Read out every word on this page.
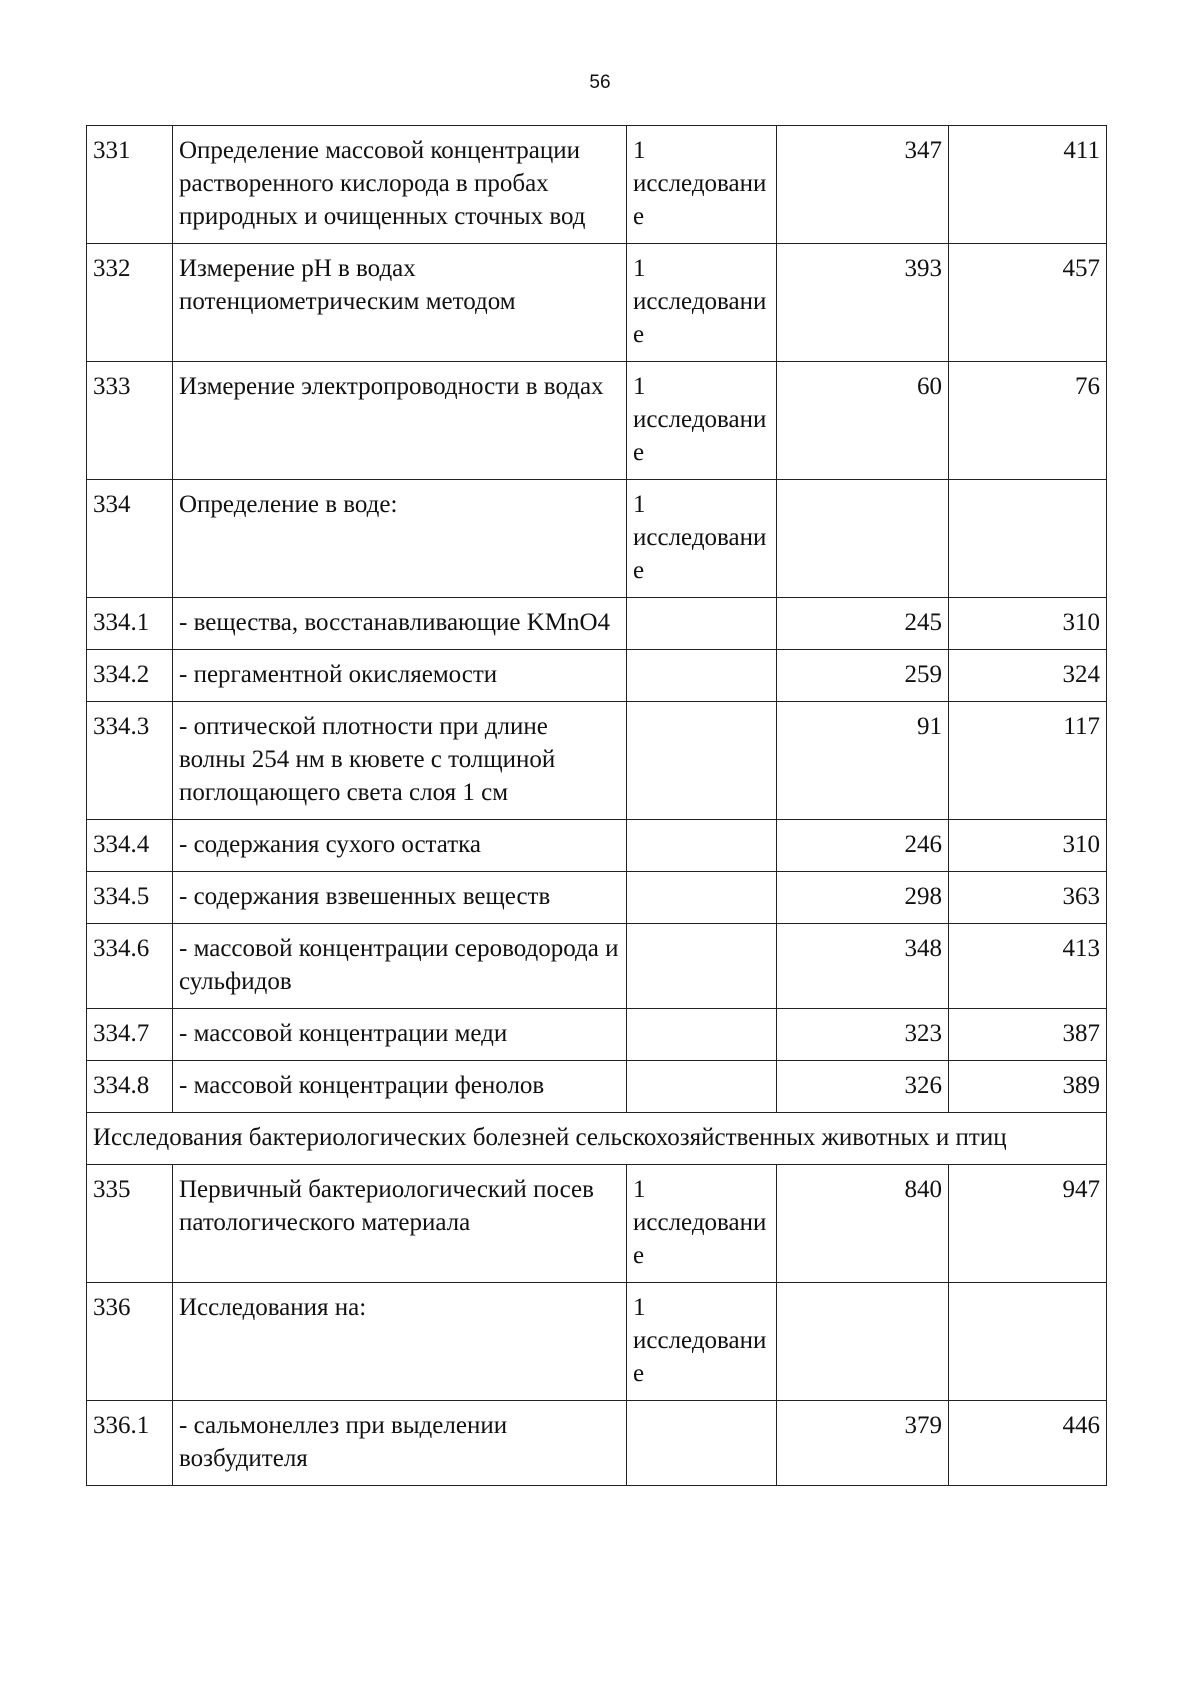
56
331	Определение массовой концентрации растворенного кислорода в пробах природных и очищенных сточных вод	1 исследование	347	411
332	Измерение pH в водах потенциометрическим методом	1 исследование	393	457
333	Измерение электропроводности в водах	1 исследование	60	76
334	Определение в воде:	1 исследование		
334.1	- вещества, восстанавливающие KMnO4		245	310
334.2	- пергаментной окисляемости		259	324
334.3	- оптической плотности при длине волны 254 нм в кювете с толщиной поглощающего света слоя 1 см		91	117
334.4	- содержания сухого остатка		246	310
334.5	- содержания взвешенных веществ		298	363
334.6	- массовой концентрации сероводорода и сульфидов		348	413
334.7	- массовой концентрации меди		323	387
334.8	- массовой концентрации фенолов		326	389
Исследования бактериологических болезней сельскохозяйственных животных и птиц				
335	Первичный бактериологический посев патологического материала	1 исследование	840	947
336	Исследования на:	1 исследование		
336.1	- сальмонеллез при выделении возбудителя		379	446
